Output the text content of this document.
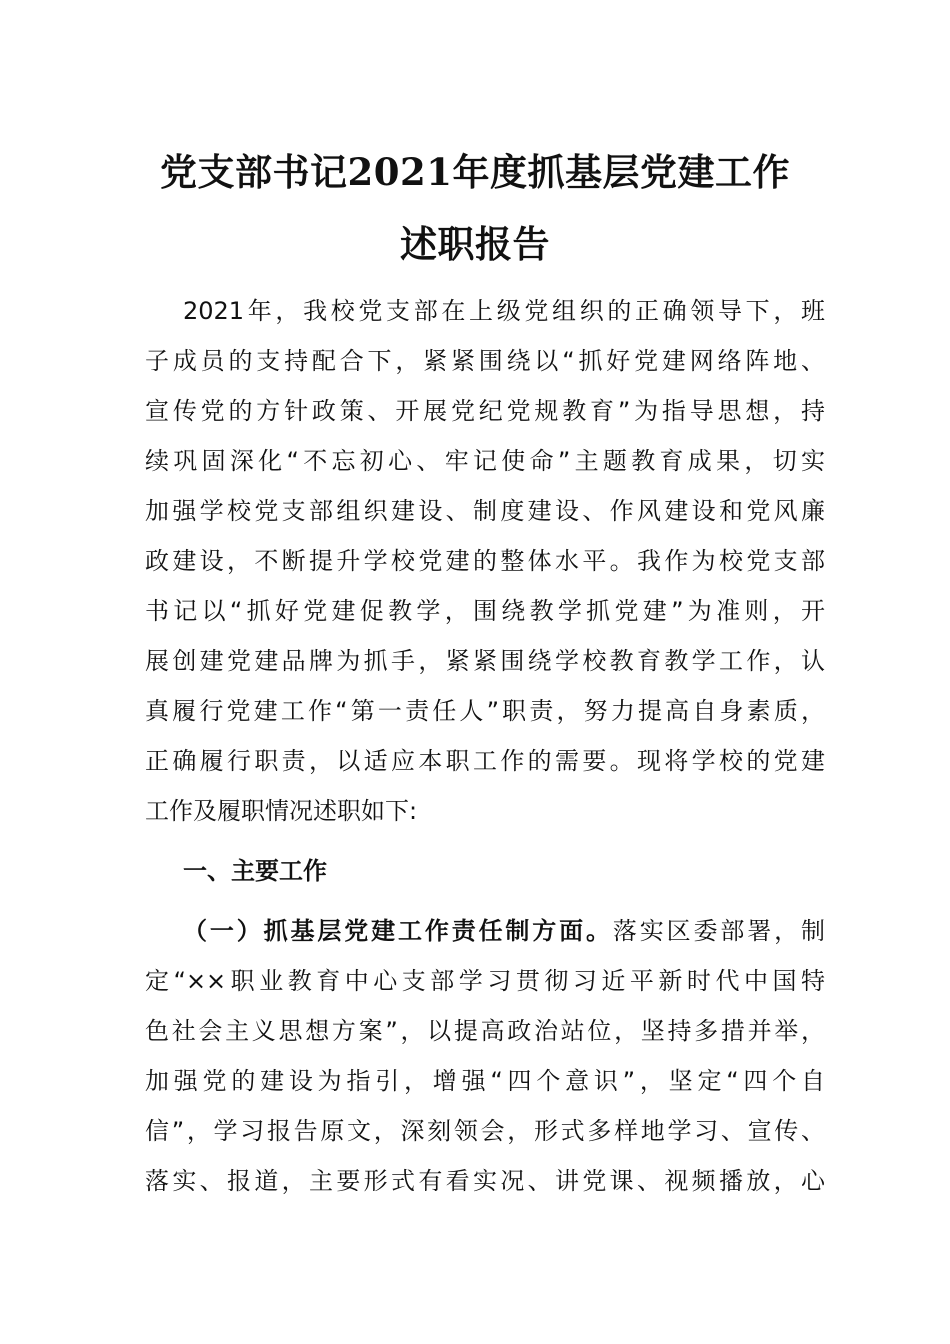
党支部书记2021年度抓基层党建工作
述职报告

2021年，我校党支部在上级党组织的正确领导下，班

子成员的支持配合下，紧紧围绕以“抓好党建网络阵地、

宣传党的方针政策、开展党纪党规教育”为指导思想，持

续巩固深化“不忘初心、牢记使命”主题教育成果，切实

加强学校党支部组织建设、制度建设、作风建设和党风廉

政建设，不断提升学校党建的整体水平。我作为校党支部

书记以“抓好党建促教学，围绕教学抓党建”为准则，开

展创建党建品牌为抓手，紧紧围绕学校教育教学工作，认

真履行党建工作“第一责任人”职责，努力提高自身素质，

正确履行职责，以适应本职工作的需要。现将学校的党建

工作及履职情况述职如下:

一、主要工作

（一）抓基层党建工作责任制方面。落实区委部署，制

定“××职业教育中心支部学习贯彻习近平新时代中国特

色社会主义思想方案”，以提高政治站位，坚持多措并举，

加强党的建设为指引，增强“四个意识”，坚定“四个自

信”，学习报告原文，深刻领会，形式多样地学习、宣传、

落实、报道，主要形式有看实况、讲党课、视频播放，心
